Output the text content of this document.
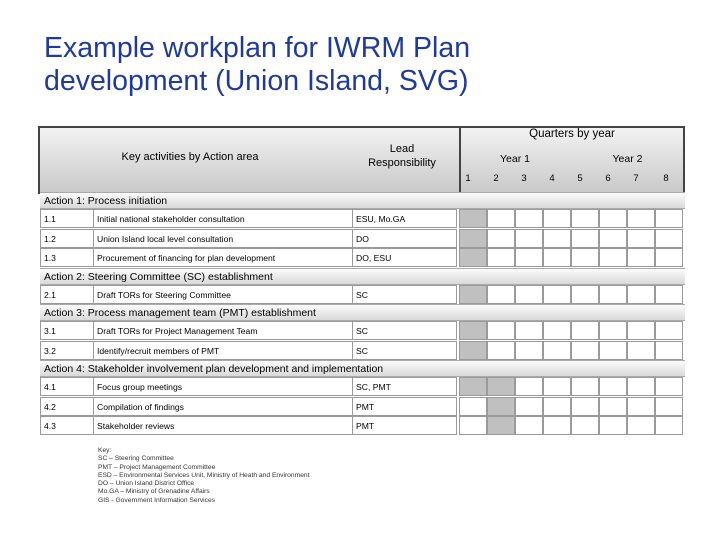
Example workplan for IWRM Plan
development (Union Island, SVG)
Key activities by Action area
Lead
Responsibility
Quarters by year
Year 1	Year 2
1	2	3	4	5	6	7	8
Action 1: Process initiation
1.1	Initial national stakeholder consultation	ESU, Mo.GA
1.2	Union Island local level consultation	DO
1.3	Procurement of financing for plan development	DO, ESU
Action 2: Steering Committee (SC) establishment
2.1	Draft TORs for Steering Committee	SC
Action 3: Process management team (PMT) establishment
3.1	Draft TORs for Project Management Team	SC
3.2	Identify/recruit members of PMT	SC
Action 4: Stakeholder involvement plan development and implementation
4.1	Focus group meetings	SC, PMT
4.2	Compilation of findings	PMT
4.3	Stakeholder reviews	PMT
Key:
SC – Steering Committee
PMT – Project Management Committee
ESD – Environmental Services Unit, Ministry of Heath and Environment
DO – Union Island District Office
Mo.GA – Ministry of Grenadine Affairs
GIS - Government Information Services
